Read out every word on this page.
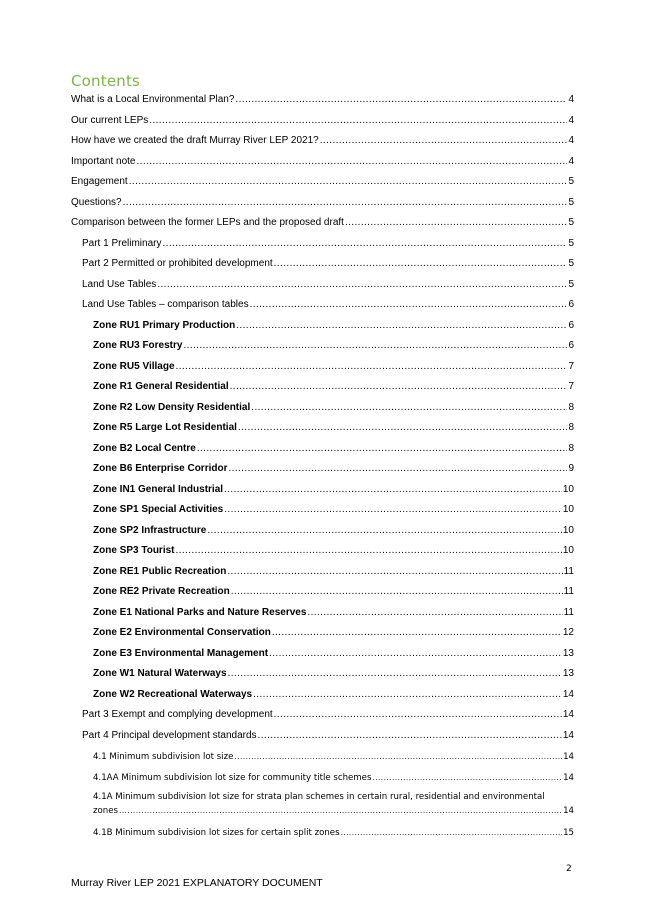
Contents
What is a Local Environmental Plan? .....	4
Our current LEPs .....	4
How have we created the draft Murray River LEP 2021? .....	4
Important note .....	4
Engagement .....	5
Questions? .....	5
Comparison between the former LEPs and the proposed draft .....	5
Part 1 Preliminary .....	5
Part 2 Permitted or prohibited development .....	5
Land Use Tables .....	5
Land Use Tables – comparison tables .....	6
Zone RU1 Primary Production .....	6
Zone RU3 Forestry .....	6
Zone RU5 Village .....	7
Zone R1 General Residential .....	7
Zone R2 Low Density Residential .....	8
Zone R5 Large Lot Residential .....	8
Zone B2 Local Centre .....	8
Zone B6 Enterprise Corridor .....	9
Zone IN1 General Industrial .....	10
Zone SP1 Special Activities .....	10
Zone SP2 Infrastructure .....	10
Zone SP3 Tourist .....	10
Zone RE1 Public Recreation .....	11
Zone RE2 Private Recreation .....	11
Zone E1 National Parks and Nature Reserves .....	11
Zone E2 Environmental Conservation .....	12
Zone E3 Environmental Management .....	13
Zone W1 Natural Waterways .....	13
Zone W2 Recreational Waterways .....	14
Part 3 Exempt and complying development .....	14
Part 4 Principal development standards .....	14
4.1 Minimum subdivision lot size .....	14
4.1AA Minimum subdivision lot size for community title schemes .....	14
4.1A Minimum subdivision lot size for strata plan schemes in certain rural, residential and environmental
zones .....	14
4.1B Minimum subdivision lot sizes for certain split zones .....	15
2
Murray River LEP 2021 EXPLANATORY DOCUMENT
